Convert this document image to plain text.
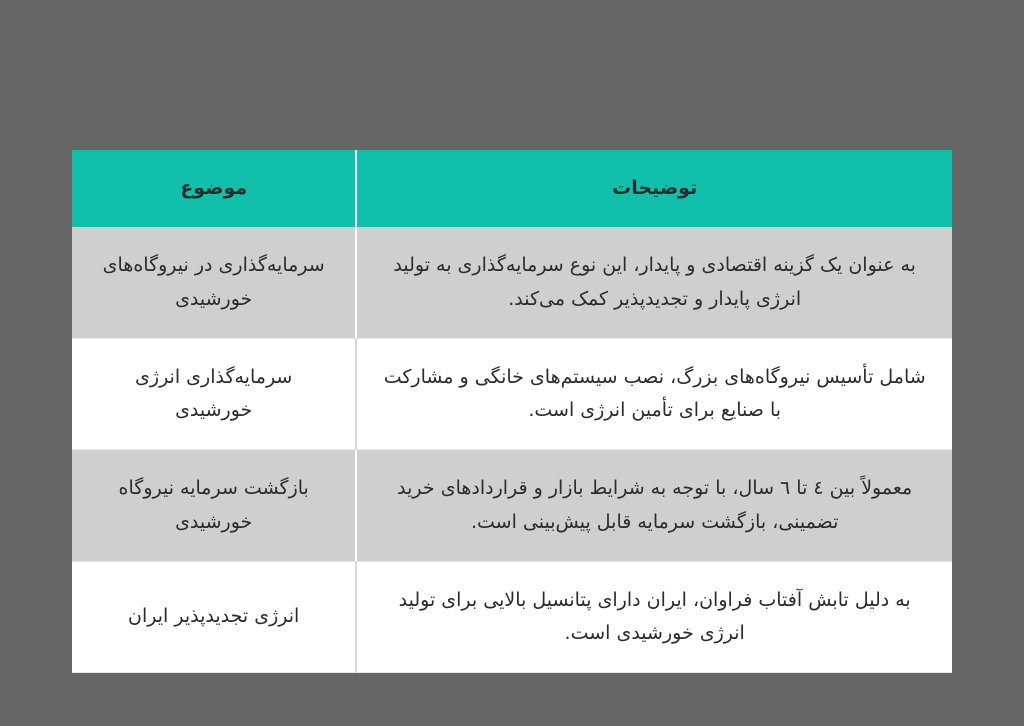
توضیحات	موضوع
به عنوان یک گزینه اقتصادی و پایدار، این نوع سرمایه‌گذاری به تولید انرژی پایدار و تجدیدپذیر کمک می‌کند.	سرمایه‌گذاری در نیروگاه‌های خورشیدی
شامل تأسیس نیروگاه‌های بزرگ، نصب سیستم‌های خانگی و مشارکت با صنایع برای تأمین انرژی است.	سرمایه‌گذاری انرژی خورشیدی
معمولاً بین ٤ تا ٦ سال، با توجه به شرایط بازار و قراردادهای خرید تضمینی، بازگشت سرمایه قابل پیش‌بینی است.	بازگشت سرمایه نیروگاه خورشیدی
به دلیل تابش آفتاب فراوان، ایران دارای پتانسیل بالایی برای تولید انرژی خورشیدی است.	انرژی تجدیدپذیر ایران
